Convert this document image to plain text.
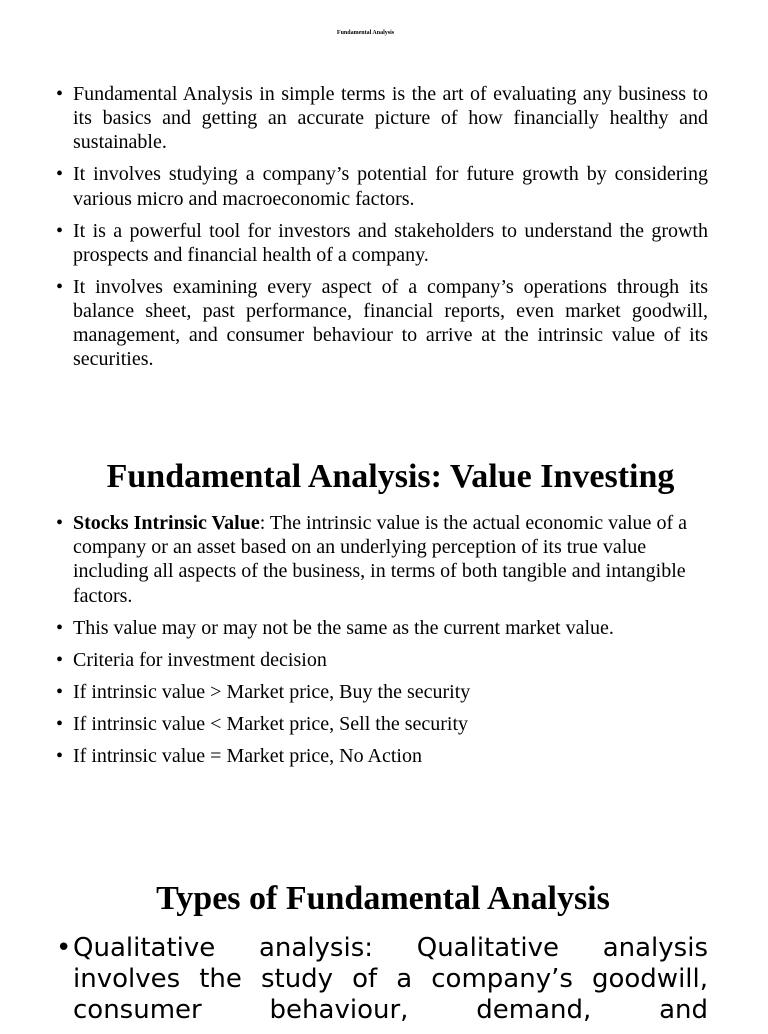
Fundamental Analysis
• Fundamental Analysis in simple terms is the art of evaluating any business to its basics and getting an accurate picture of how financially healthy and sustainable.
• It involves studying a company’s potential for future growth by considering various micro and macroeconomic factors.
• It is a powerful tool for investors and stakeholders to understand the growth prospects and financial health of a company.
• It involves examining every aspect of a company’s operations through its balance sheet, past performance, financial reports, even market goodwill, management, and consumer behaviour to arrive at the intrinsic value of its securities.
Fundamental Analysis: Value Investing
• Stocks Intrinsic Value: The intrinsic value is the actual economic value of a company or an asset based on an underlying perception of its true value including all aspects of the business, in terms of both tangible and intangible factors.
• This value may or may not be the same as the current market value.
• Criteria for investment decision
• If intrinsic value > Market price, Buy the security
• If intrinsic value < Market price, Sell the security
• If intrinsic value = Market price, No Action
Types of Fundamental Analysis
• Qualitative analysis: Qualitative analysis involves the study of a company’s goodwill, consumer behaviour, demand, and
